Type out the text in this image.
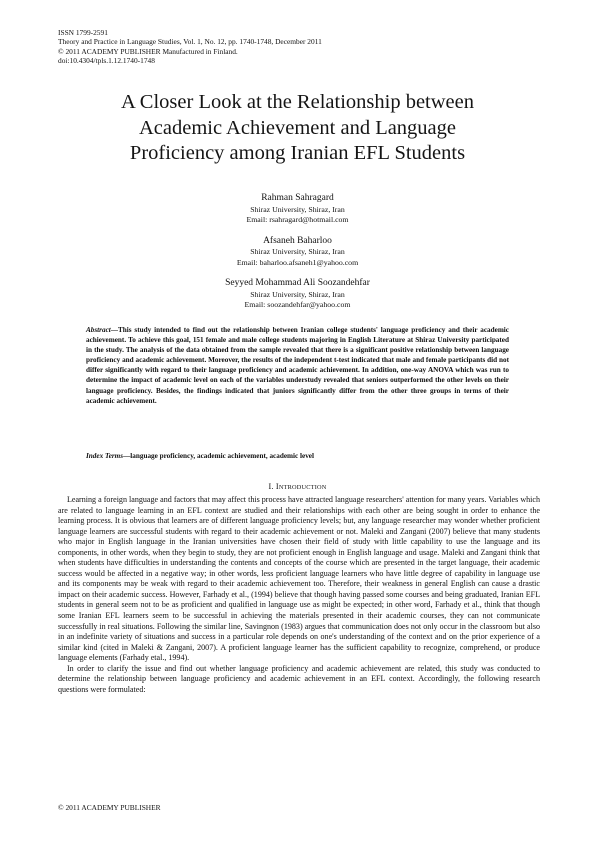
ISSN 1799-2591
Theory and Practice in Language Studies, Vol. 1, No. 12, pp. 1740-1748, December 2011
© 2011 ACADEMY PUBLISHER Manufactured in Finland.
doi:10.4304/tpls.1.12.1740-1748
A Closer Look at the Relationship between
Academic Achievement and Language
Proficiency among Iranian EFL Students
Rahman Sahragard
Shiraz University, Shiraz, Iran
Email: rsahragard@hotmail.com
Afsaneh Baharloo
Shiraz University, Shiraz, Iran
Email: baharloo.afsaneh1@yahoo.com
Seyyed Mohammad Ali Soozandehfar
Shiraz University, Shiraz, Iran
Email: soozandehfar@yahoo.com
Abstract—This study intended to find out the relationship between Iranian college students' language proficiency and their academic achievement. To achieve this goal, 151 female and male college students majoring in English Literature at Shiraz University participated in the study. The analysis of the data obtained from the sample revealed that there is a significant positive relationship between language proficiency and academic achievement. Moreover, the results of the independent t-test indicated that male and female participants did not differ significantly with regard to their language proficiency and academic achievement. In addition, one-way ANOVA which was run to determine the impact of academic level on each of the variables understudy revealed that seniors outperformed the other levels on their language proficiency. Besides, the findings indicated that juniors significantly differ from the other three groups in terms of their academic achievement.
Index Terms—language proficiency, academic achievement, academic level
I. INTRODUCTION

Learning a foreign language and factors that may affect this process have attracted language researchers' attention for many years. Variables which are related to language learning in an EFL context are studied and their relationships with each other are being sought in order to enhance the learning process. It is obvious that learners are of different language proficiency levels; but, any language researcher may wonder whether proficient language learners are successful students with regard to their academic achievement or not. Maleki and Zangani (2007) believe that many students who major in English language in the Iranian universities have chosen their field of study with little capability to use the language and its components, in other words, when they begin to study, they are not proficient enough in English language and usage. Maleki and Zangani think that when students have difficulties in understanding the contents and concepts of the course which are presented in the target language, their academic success would be affected in a negative way; in other words, less proficient language learners who have little degree of capability in language use and its components may be weak with regard to their academic achievement too. Therefore, their weakness in general English can cause a drastic impact on their academic success. However, Farhady et al., (1994) believe that though having passed some courses and being graduated, Iranian EFL students in general seem not to be as proficient and qualified in language use as might be expected; in other word, Farhady et al., think that though some Iranian EFL learners seem to be successful in achieving the materials presented in their academic courses, they can not communicate successfully in real situations. Following the similar line, Savingnon (1983) argues that communication does not only occur in the classroom but also in an indefinite variety of situations and success in a particular role depends on one's understanding of the context and on the prior experience of a similar kind (cited in Maleki & Zangani, 2007). A proficient language learner has the sufficient capability to recognize, comprehend, or produce language elements (Farhady etal., 1994).

In order to clarify the issue and find out whether language proficiency and academic achievement are related, this study was conducted to determine the relationship between language proficiency and academic achievement in an EFL context. Accordingly, the following research questions were formulated:

© 2011 ACADEMY PUBLISHER
